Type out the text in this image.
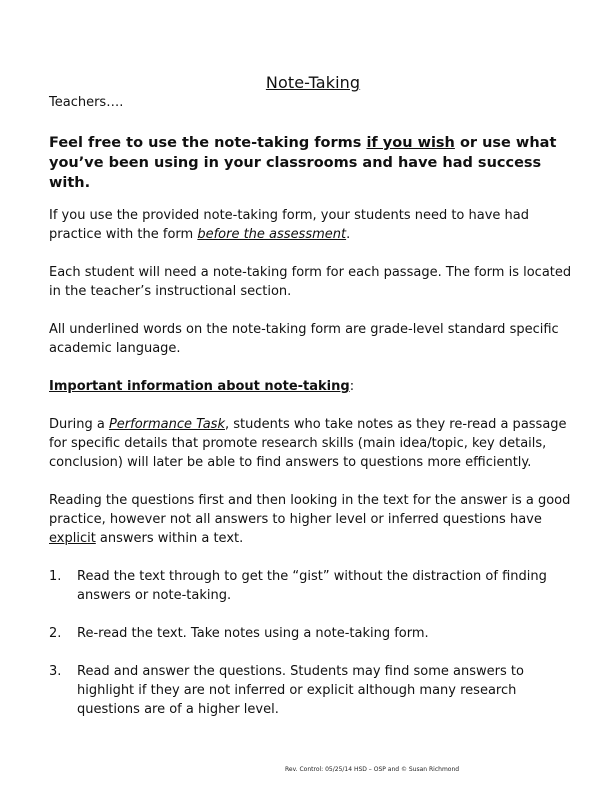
Note-Taking
Teachers….
Feel free to use the note-taking forms if you wish or use what you’ve been using in your classrooms and have had success with.

If you use the provided note-taking form, your students need to have had practice with the form before the assessment.

Each student will need a note-taking form for each passage. The form is located in the teacher’s instructional section.

All underlined words on the note-taking form are grade-level standard specific academic language.

Important information about note-taking:

During a Performance Task, students who take notes as they re-read a passage for specific details that promote research skills (main idea/topic, key details, conclusion) will later be able to find answers to questions more efficiently.

Reading the questions first and then looking in the text for the answer is a good practice, however not all answers to higher level or inferred questions have explicit answers within a text.

1. Read the text through to get the “gist” without the distraction of finding answers or note-taking.
2. Re-read the text. Take notes using a note-taking form.
3. Read and answer the questions. Students may find some answers to highlight if they are not inferred or explicit although many research questions are of a higher level.
Rev. Control: 05/25/14 HSD – OSP and © Susan Richmond
